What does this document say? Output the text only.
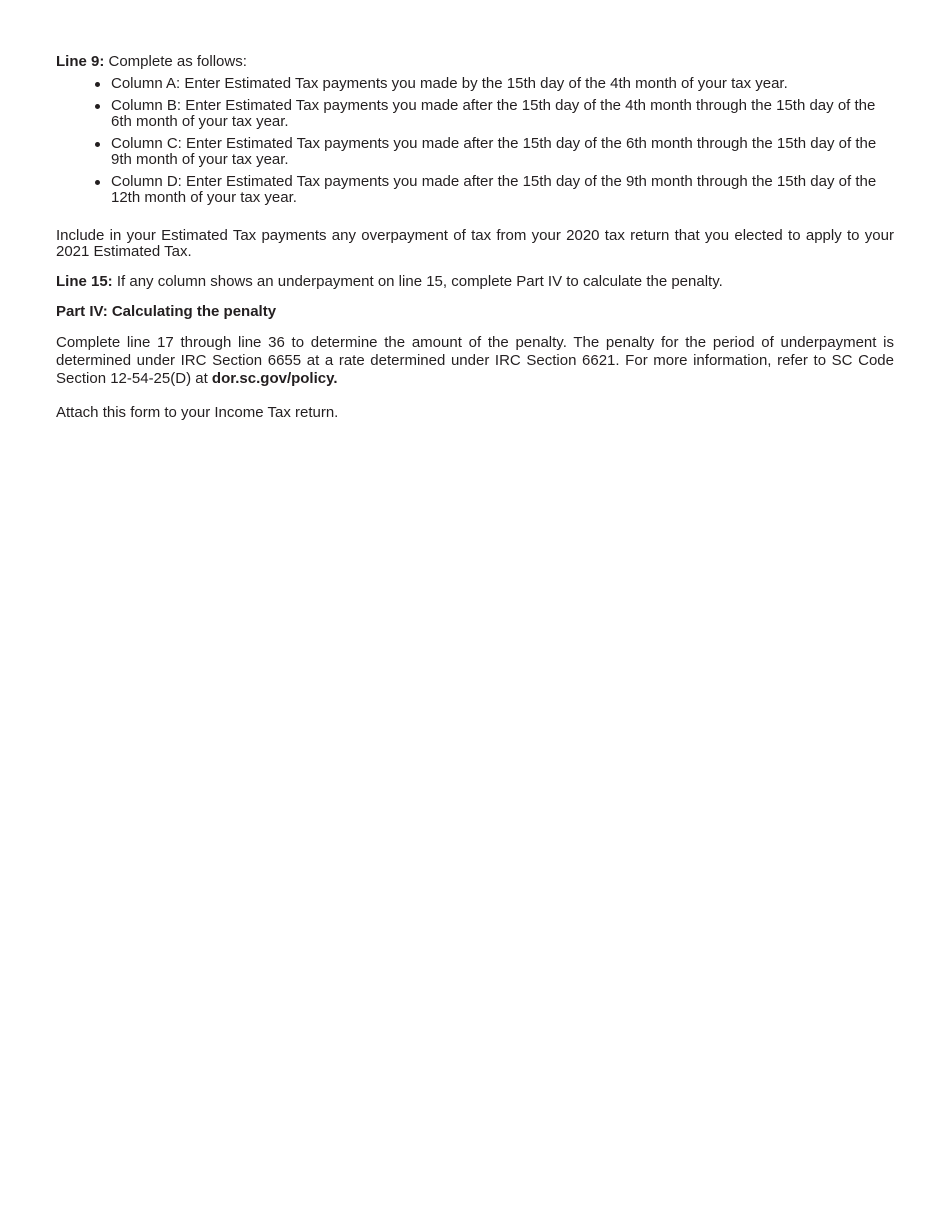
Line 9: Complete as follows:

Column A: Enter Estimated Tax payments you made by the 15th day of the 4th month of your tax year.
Column B: Enter Estimated Tax payments you made after the 15th day of the 4th month through the 15th day of the 6th month of your tax year.
Column C: Enter Estimated Tax payments you made after the 15th day of the 6th month through the 15th day of the 9th month of your tax year.
Column D: Enter Estimated Tax payments you made after the 15th day of the 9th month through the 15th day of the 12th month of your tax year.

Include in your Estimated Tax payments any overpayment of tax from your 2020 tax return that you elected to apply to your 2021 Estimated Tax.

Line 15: If any column shows an underpayment on line 15, complete Part IV to calculate the penalty.

Part IV: Calculating the penalty

Complete line 17 through line 36 to determine the amount of the penalty. The penalty for the period of underpayment is determined under IRC Section 6655 at a rate determined under IRC Section 6621. For more information, refer to SC Code Section 12-54-25(D) at dor.sc.gov/policy.

Attach this form to your Income Tax return.
